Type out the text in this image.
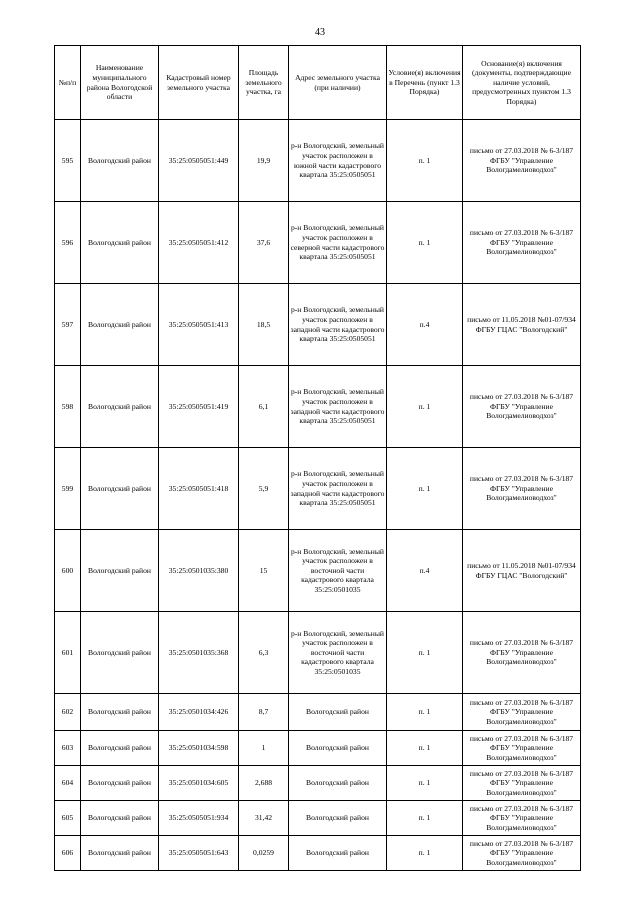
43
№п/п	Наименование муниципального района Вологодской области	Кадастровый номер земельного участка	Площадь земельного участка, га	Адрес земельного участка (при наличии)	Условие(я) включения в Перечень (пункт 1.3 Порядка)	Основание(я) включения (документы, подтверждающие наличие условий, предусмотренных пунктом 1.3 Порядка)
595	Вологодский район	35:25:0505051:449	19,9	р-н Вологодский, земельный участок расположен в южной части кадастрового квартала 35:25:0505051	п. 1	письмо от 27.03.2018 № 6-3/187 ФГБУ "Управление Вологдамелиоводхоз"
596	Вологодский район	35:25:0505051:412	37,6	р-н Вологодский, земельный участок расположен в северной части кадастрового квартала 35:25:0505051	п. 1	письмо от 27.03.2018 № 6-3/187 ФГБУ "Управление Вологдамелиоводхоз"
597	Вологодский район	35:25:0505051:413	18,5	р-н Вологодский, земельный участок расположен в западной части кадастрового квартала 35:25:0505051	п.4	письмо от 11.05.2018 №01-07/934 ФГБУ ГЦАС "Вологодский"
598	Вологодский район	35:25:0505051:419	6,1	р-н Вологодский, земельный участок расположен в западной части кадастрового квартала 35:25:0505051	п. 1	письмо от 27.03.2018 № 6-3/187 ФГБУ "Управление Вологдамелиоводхоз"
599	Вологодский район	35:25:0505051:418	5,9	р-н Вологодский, земельный участок расположен в западной части кадастрового квартала 35:25:0505051	п. 1	письмо от 27.03.2018 № 6-3/187 ФГБУ "Управление Вологдамелиоводхоз"
600	Вологодский район	35:25:0501035:380	15	р-н Вологодский, земельный участок расположен в восточной части кадастрового квартала 35:25:0501035	п.4	письмо от 11.05.2018 №01-07/934 ФГБУ ГЦАС "Вологодский"
601	Вологодский район	35:25:0501035:368	6,3	р-н Вологодский, земельный участок расположен в восточной части кадастрового квартала 35:25:0501035	п. 1	письмо от 27.03.2018 № 6-3/187 ФГБУ "Управление Вологдамелиоводхоз"
602	Вологодский район	35:25:0501034:426	8,7	Вологодский район	п. 1	письмо от 27.03.2018 № 6-3/187 ФГБУ "Управление Вологдамелиоводхоз"
603	Вологодский район	35:25:0501034:598	1	Вологодский район	п. 1	письмо от 27.03.2018 № 6-3/187 ФГБУ "Управление Вологдамелиоводхоз"
604	Вологодский район	35:25:0501034:605	2,688	Вологодский район	п. 1	письмо от 27.03.2018 № 6-3/187 ФГБУ "Управление Вологдамелиоводхоз"
605	Вологодский район	35:25:0505051:934	31,42	Вологодский район	п. 1	письмо от 27.03.2018 № 6-3/187 ФГБУ "Управление Вологдамелиоводхоз"
606	Вологодский район	35:25:0505051:643	0,0259	Вологодский район	п. 1	письмо от 27.03.2018 № 6-3/187 ФГБУ "Управление Вологдамелиоводхоз"
